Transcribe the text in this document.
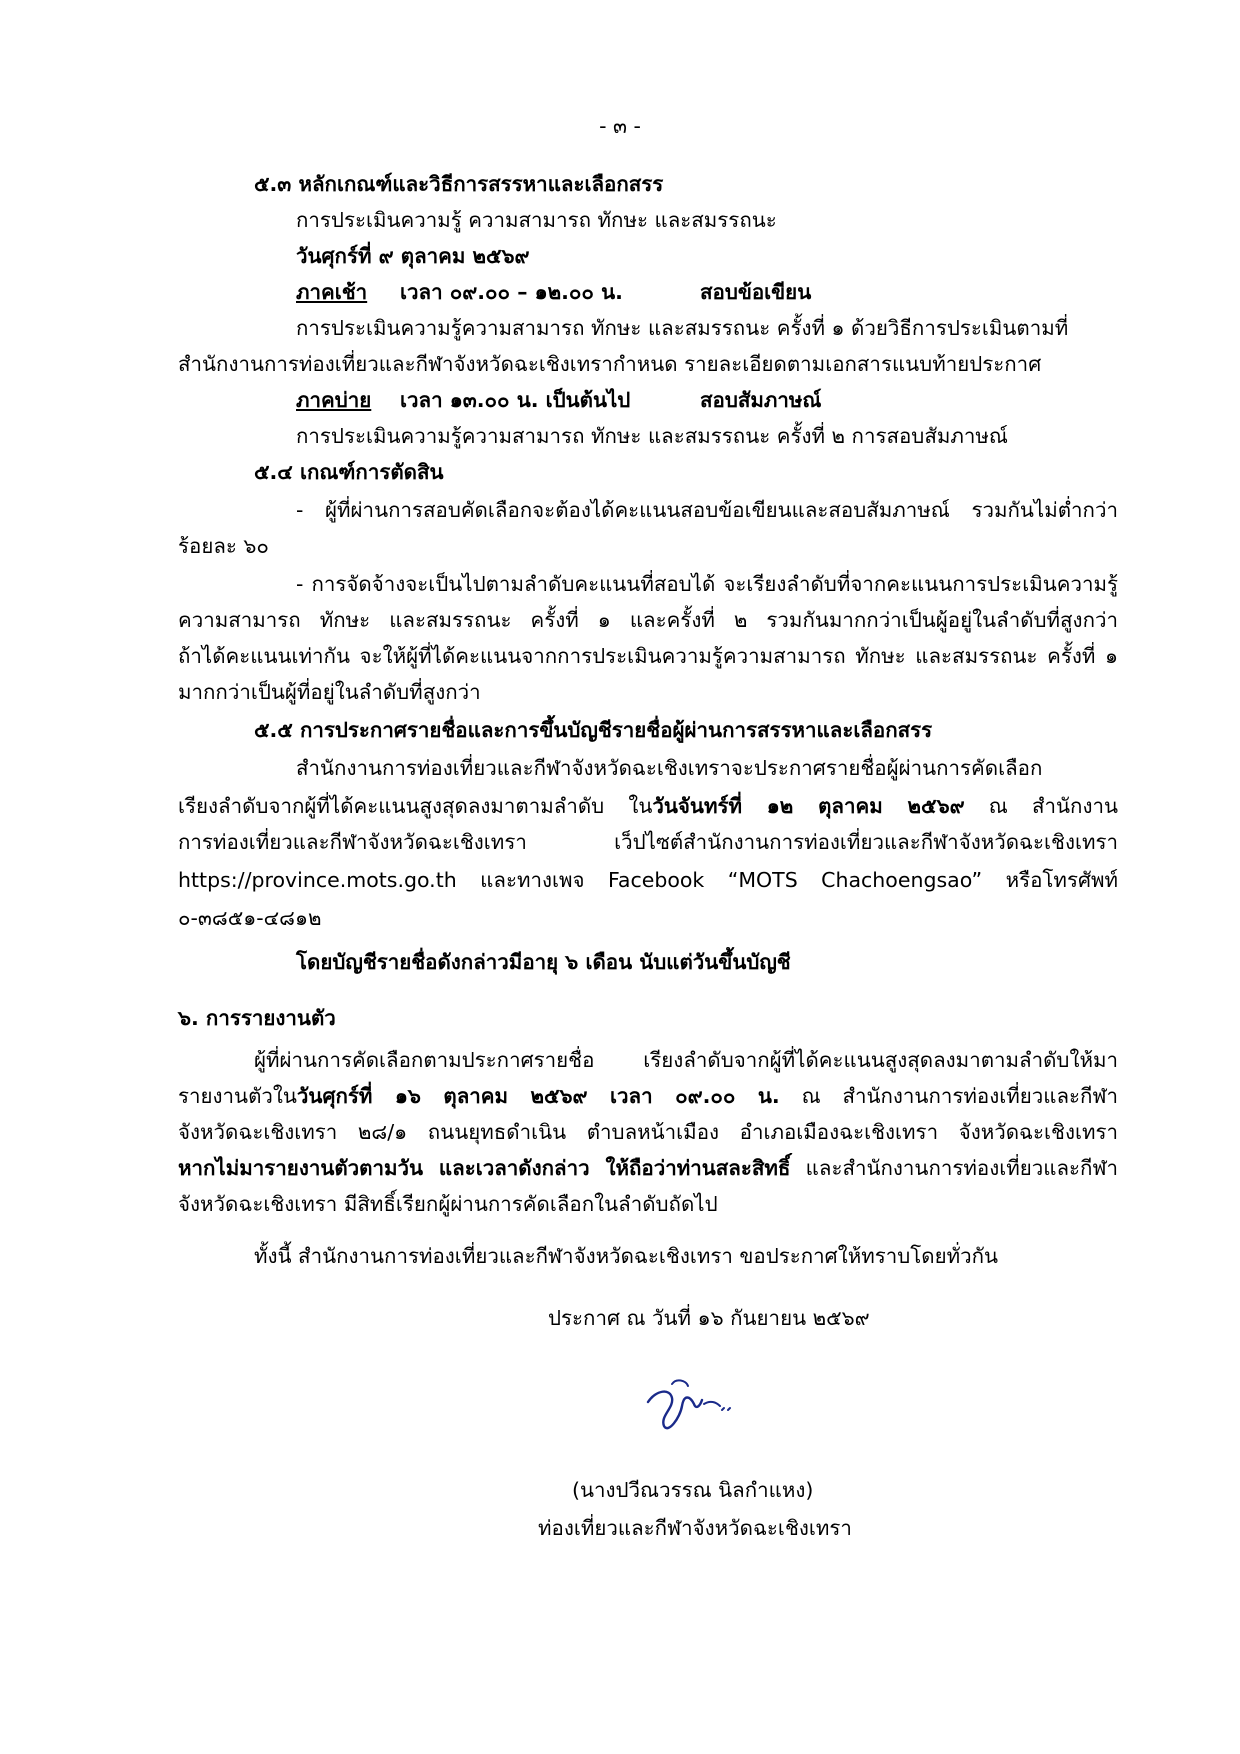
- ๓ -
๕.๓ หลักเกณฑ์และวิธีการสรรหาและเลือกสรร
การประเมินความรู้ ความสามารถ ทักษะ และสมรรถนะ
วันศุกร์ที่ ๙ ตุลาคม ๒๕๖๙
ภาคเช้า เวลา ๐๙.๐๐ – ๑๒.๐๐ น.	สอบข้อเขียน
การประเมินความรู้ความสามารถ ทักษะ และสมรรถนะ ครั้งที่ ๑ ด้วยวิธีการประเมินตามที่
สำนักงานการท่องเที่ยวและกีฬาจังหวัดฉะเชิงเทรากำหนด รายละเอียดตามเอกสารแนบท้ายประกาศ
ภาคบ่าย เวลา ๑๓.๐๐ น. เป็นต้นไป	สอบสัมภาษณ์
การประเมินความรู้ความสามารถ ทักษะ และสมรรถนะ ครั้งที่ ๒ การสอบสัมภาษณ์
๕.๔ เกณฑ์การตัดสิน
- ผู้ที่ผ่านการสอบคัดเลือกจะต้องได้คะแนนสอบข้อเขียนและสอบสัมภาษณ์ รวมกันไม่ต่ำกว่า
ร้อยละ ๖๐
- การจัดจ้างจะเป็นไปตามลำดับคะแนนที่สอบได้ จะเรียงลำดับที่จากคะแนนการประเมินความรู้
ความสามารถ ทักษะ และสมรรถนะ ครั้งที่ ๑ และครั้งที่ ๒ รวมกันมากกว่าเป็นผู้อยู่ในลำดับที่สูงกว่า
ถ้าได้คะแนนเท่ากัน จะให้ผู้ที่ได้คะแนนจากการประเมินความรู้ความสามารถ ทักษะ และสมรรถนะ ครั้งที่ ๑
มากกว่าเป็นผู้ที่อยู่ในลำดับที่สูงกว่า
๕.๕ การประกาศรายชื่อและการขึ้นบัญชีรายชื่อผู้ผ่านการสรรหาและเลือกสรร
สำนักงานการท่องเที่ยวและกีฬาจังหวัดฉะเชิงเทราจะประกาศรายชื่อผู้ผ่านการคัดเลือก
เรียงลำดับจากผู้ที่ได้คะแนนสูงสุดลงมาตามลำดับ ในวันจันทร์ที่ ๑๒ ตุลาคม ๒๕๖๙ ณ สำนักงาน
การท่องเที่ยวและกีฬาจังหวัดฉะเชิงเทรา เว็ปไซต์สำนักงานการท่องเที่ยวและกีฬาจังหวัดฉะเชิงเทรา
https://province.mots.go.th และทางเพจ Facebook “MOTS Chachoengsao” หรือโทรศัพท์
๐-๓๘๕๑-๔๘๑๒
โดยบัญชีรายชื่อดังกล่าวมีอายุ ๖ เดือน นับแต่วันขึ้นบัญชี
๖. การรายงานตัว
ผู้ที่ผ่านการคัดเลือกตามประกาศรายชื่อ เรียงลำดับจากผู้ที่ได้คะแนนสูงสุดลงมาตามลำดับให้มา
รายงานตัวในวันศุกร์ที่ ๑๖ ตุลาคม ๒๕๖๙ เวลา ๐๙.๐๐ น. ณ สำนักงานการท่องเที่ยวและกีฬา
จังหวัดฉะเชิงเทรา ๒๘/๑ ถนนยุทธดำเนิน ตำบลหน้าเมือง อำเภอเมืองฉะเชิงเทรา จังหวัดฉะเชิงเทรา
หากไม่มารายงานตัวตามวัน และเวลาดังกล่าว ให้ถือว่าท่านสละสิทธิ์ และสำนักงานการท่องเที่ยวและกีฬา
จังหวัดฉะเชิงเทรา มีสิทธิ์เรียกผู้ผ่านการคัดเลือกในลำดับถัดไป
ทั้งนี้ สำนักงานการท่องเที่ยวและกีฬาจังหวัดฉะเชิงเทรา ขอประกาศให้ทราบโดยทั่วกัน
ประกาศ ณ วันที่ ๑๖ กันยายน ๒๕๖๙
(นางปวีณวรรณ นิลกำแหง)
ท่องเที่ยวและกีฬาจังหวัดฉะเชิงเทรา
